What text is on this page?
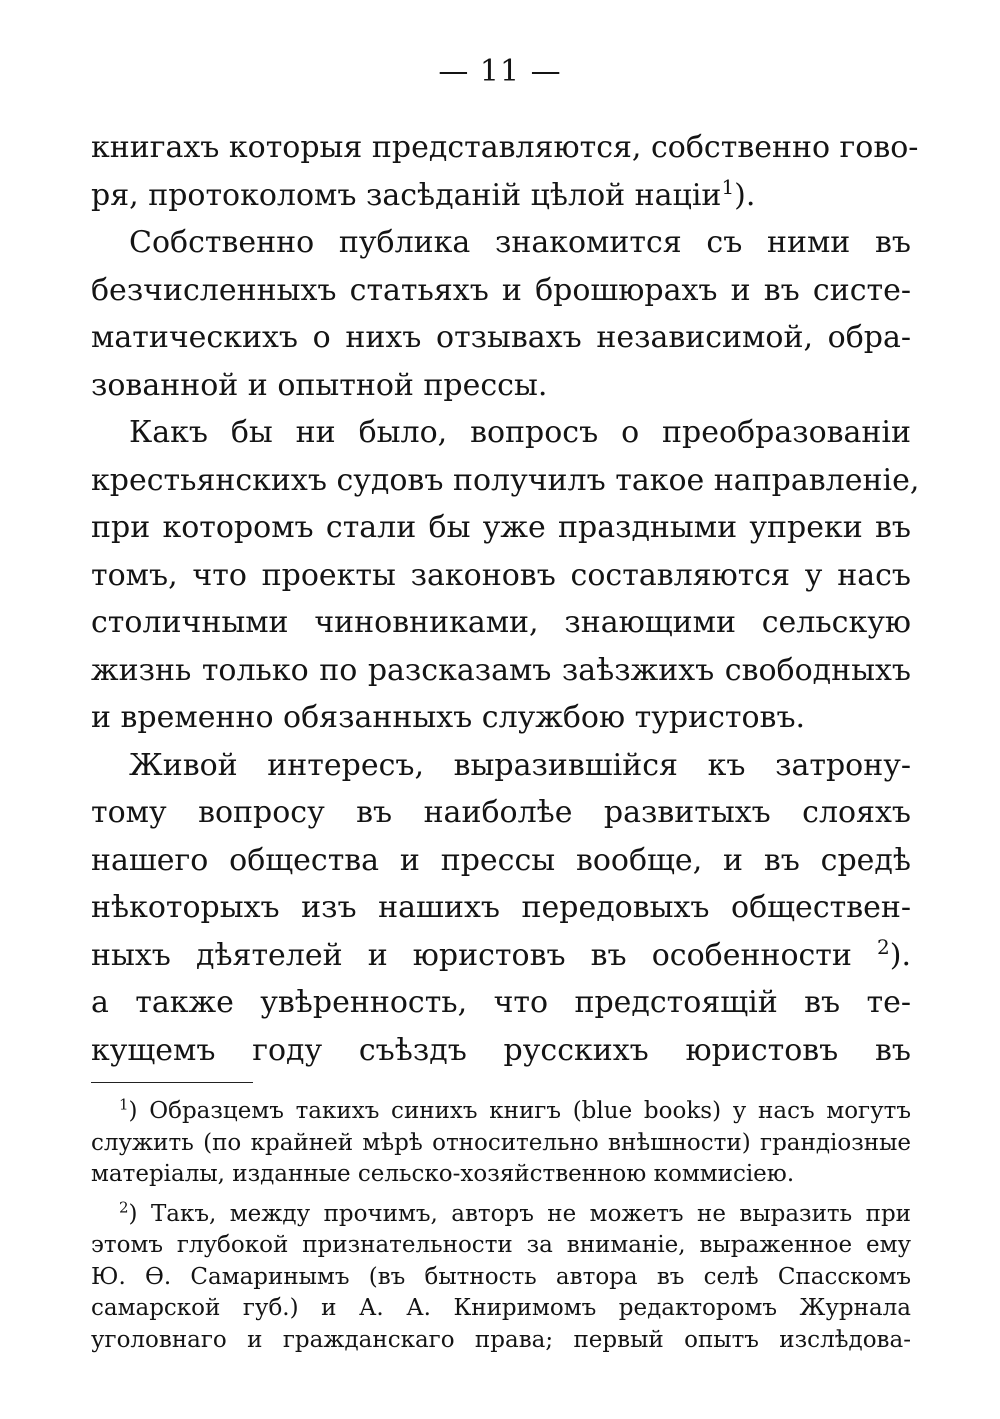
— 11 —
книгахъ которыя представляются, собственно гово-
ря, протоколомъ засѣданій цѣлой націи$^1$).
Собственно публика знакомится съ ними въ
безчисленныхъ статьяхъ и брошюрахъ и въ систе-
матическихъ о нихъ отзывахъ независимой, обра-
зованной и опытной прессы.
Какъ бы ни было, вопросъ о преобразованіи
крестьянскихъ судовъ получилъ такое направленіе,
при которомъ стали бы уже праздными упреки въ
томъ, что проекты законовъ составляются у насъ
столичными чиновниками, знающими сельскую
жизнь только по разсказамъ заѣзжихъ свободныхъ
и временно обязанныхъ службою туристовъ.
Живой интересъ, выразившійся къ затрону-
тому вопросу въ наиболѣе развитыхъ слояхъ
нашего общества и прессы вообще, и въ средѣ
нѣкоторыхъ изъ нашихъ передовыхъ обществен-
ныхъ дѣятелей и юристовъ въ особенности $^2$).
а также увѣренность, что предстоящій въ те-
кущемъ году съѣздъ русскихъ юристовъ въ
$^1$) Образцемъ такихъ синихъ книгъ (blue books) у насъ могутъ
служить (по крайней мѣрѣ относительно внѣшности) грандіозные
матеріалы, изданные сельско-хозяйственною коммисіею.
$^2$) Такъ, между прочимъ, авторъ не можетъ не выразить при
этомъ глубокой признательности за вниманіе, выраженное ему
Ю. Ѳ. Самаринымъ (въ бытность автора въ селѣ Спасскомъ
самарской губ.) и А. А. Книримомъ редакторомъ Журнала
уголовнаго и гражданскаго права; первый опытъ изслѣдова-
